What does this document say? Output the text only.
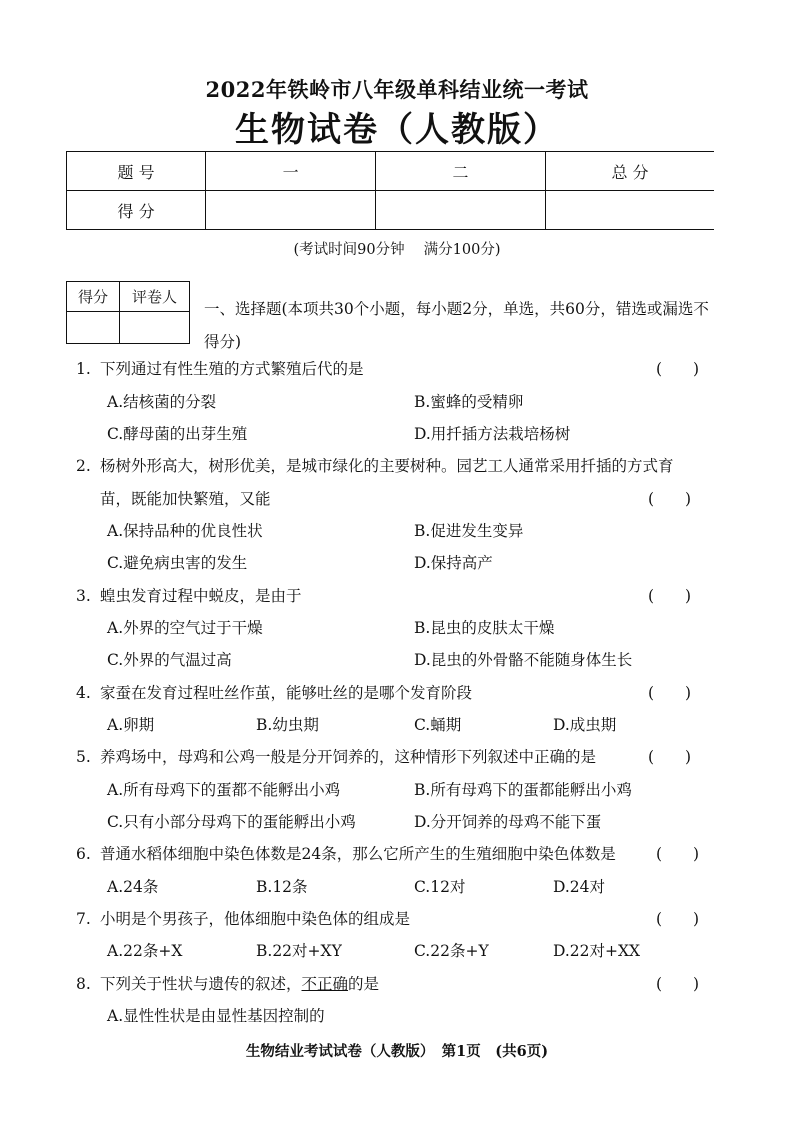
2022年铁岭市八年级单科结业统一考试
生物试卷（人教版）
题 号	一	二	总 分
得 分			
(考试时间90分钟　 满分100分)
得分	评卷人

一、选择题(本项共30个小题，每小题2分，单选，共60分，错选或漏选不得分)
1. 下列通过有性生殖的方式繁殖后代的是	(　　)
A.结核菌的分裂	B.蜜蜂的受精卵
C.酵母菌的出芽生殖	D.用扦插方法栽培杨树
2. 杨树外形高大，树形优美，是城市绿化的主要树种。园艺工人通常采用扦插的方式育
苗，既能加快繁殖，又能	(　　)
A.保持品种的优良性状	B.促进发生变异
C.避免病虫害的发生	D.保持高产
3. 蝗虫发育过程中蜕皮，是由于	(　　)
A.外界的空气过于干燥	B.昆虫的皮肤太干燥
C.外界的气温过高	D.昆虫的外骨骼不能随身体生长
4. 家蚕在发育过程吐丝作茧，能够吐丝的是哪个发育阶段	(　　)
A.卵期	B.幼虫期	C.蛹期	D.成虫期
5. 养鸡场中，母鸡和公鸡一般是分开饲养的，这种情形下列叙述中正确的是	(　　)
A.所有母鸡下的蛋都不能孵出小鸡	B.所有母鸡下的蛋都能孵出小鸡
C.只有小部分母鸡下的蛋能孵出小鸡	D.分开饲养的母鸡不能下蛋
6. 普通水稻体细胞中染色体数是24条，那么它所产生的生殖细胞中染色体数是	(　　)
A.24条	B.12条	C.12对	D.24对
7. 小明是个男孩子，他体细胞中染色体的组成是	(　　)
A.22条+X	B.22对+XY	C.22条+Y	D.22对+XX
8. 下列关于性状与遗传的叙述，不正确的是	(　　)
A.显性性状是由显性基因控制的
生物结业考试试卷（人教版）　第1页　(共6页)
